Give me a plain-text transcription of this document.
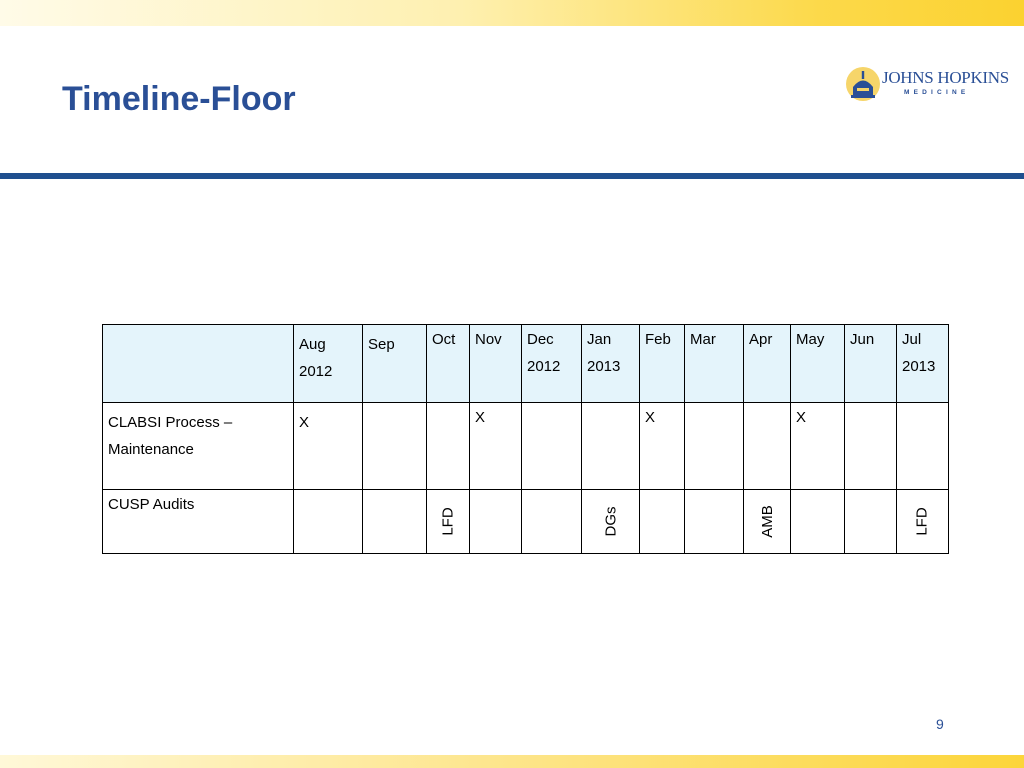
Timeline-Floor
JOHNS HOPKINS
MEDICINE
	Aug 2012	Sep	Oct	Nov	Dec 2012	Jan 2013	Feb	Mar	Apr	May	Jun	Jul 2013
CLABSI Process – Maintenance	X			X			X			X		
CUSP Audits			LFD			DGs			AMB			LFD
9
